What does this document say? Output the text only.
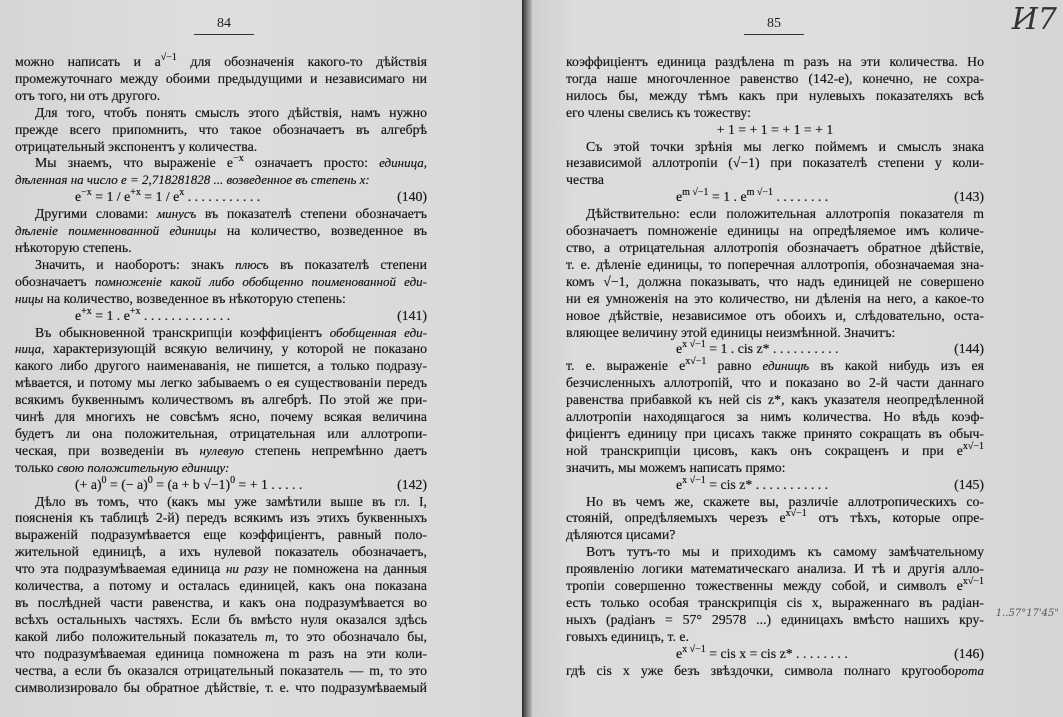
84
можно написать и $a^{√-1}$ для обозначенія какого-то дѣйствія
промежуточнаго между обоими предыдущими и независимаго ни
отъ того, ни отъ другого.
Для того, чтобъ понять смыслъ этого дѣйствія, намъ нужно
прежде всего припомнить, что такое обозначаетъ въ алгебрѣ
отрицательный экспонентъ у количества.
Мы знаемъ, что выраженіе $e^{-x}$ означаетъ просто: единица,
дѣленная на число e = 2,718281828 ... возведенное въ степень x:
$e^{-x} = 1 / e^{+x} = 1 / e^x$ . . . . . . . . . . .	(140)
Другими словами: минусъ въ показателѣ степени обозначаетъ
дѣленіе поименнованной единицы на количество, возведенное въ
нѣкоторую степень.
Значить, и наоборотъ: знакъ плюсъ въ показателѣ степени
обозначаетъ помноженіе какой либо обобщенно поименованной еди-
ницы на количество, возведенное въ нѣкоторую степень:
$e^{+x} = 1$ . $e^{+x}$ . . . . . . . . . . . . .	(141)
Въ обыкновенной транскрипціи коэффиціентъ обобщенная еди-
ница, характеризующій всякую величину, у которой не показано
какого либо другого наименаванія, не пишется, а только подразу-
мѣвается, и потому мы легко забываемъ о ея существованіи передъ
всякимъ буквеннымъ количествомъ въ алгебрѣ. По этой же при-
чинѣ для многихъ не совсѣмъ ясно, почему всякая величина
будетъ ли она положительная, отрицательная или аллотропи-
ческая, при возведеніи въ нулевую степень непремѣнно даетъ
только свою положительную единицу:
(+ a)$^0$ = (− a)$^0$ = (a + b √−1)$^0$ = + 1 . . . . .	(142)
Дѣло въ томъ, что (какъ мы уже замѣтили выше въ гл. I,
поясненія къ таблицѣ 2-й) передъ всякимъ изъ этихъ буквенныхъ
выраженій подразумѣвается еще коэффиціентъ, равный поло-
жительной единицѣ, а ихъ нулевой показатель обозначаетъ,
что эта подразумѣваемая единица ни разу не помножена на данныя
количества, а потому и осталась единицей, какъ она показана
въ послѣдней части равенства, и какъ она подразумѣвается во
всѣхъ остальныхъ частяхъ. Если бъ вмѣсто нуля оказался здѣсь
какой либо положительный показатель m, то это обозначало бы,
что подразумѣваемая единица помножена m разъ на эти коли-
чества, а если бъ оказался отрицательный показатель — m, то это
символизировало бы обратное дѣйствіе, т. е. что подразумѣваемый
85
коэффиціентъ единица раздѣлена m разъ на эти количества. Но
тогда наше многочленное равенство (142-е), конечно, не сохра-
нилось бы, между тѣмъ какъ при нулевыхъ показателяхъ всѣ
его члены свелись къ тожеству:
+ 1 = + 1 = + 1 = + 1
Съ этой точки зрѣнія мы легко поймемъ и смыслъ знака
независимой аллотропіи (√−1) при показателѣ степени у коли-
чества
$e^{m √-1} = 1$ . $e^{m √-1}$ . . . . . . . .	(143)
Дѣйствительно: если положительная аллотропія показателя m
обозначаетъ помноженіе единицы на опредѣляемое имъ количе-
ство, а отрицательная аллотропія обозначаетъ обратное дѣйствіе,
т. е. дѣленіе единицы, то поперечная аллотропія, обозначаемая зна-
комъ √−1, должна показывать, что надъ единицей не совершено
ни ея умноженія на это количество, ни дѣленія на него, а какое-то
новое дѣйствіе, независимое отъ обоихъ и, слѣдовательно, оста-
вляющее величину этой единицы неизмѣнной. Значитъ:
$e^{x √-1} = 1$ . cis z* . . . . . . . . . .	(144)
т. е. выраженіе $e^{x√-1}$ равно единицѣ въ какой нибудь изъ ея
безчисленныхъ аллотропій, что и показано во 2-й части даннаго
равенства прибавкой къ ней cis z*, какъ указателя неопредѣленной
аллотропіи находящагося за нимъ количества. Но вѣдь коэф-
фиціентъ единицу при цисахъ также принято сокращать въ обыч-
ной транскрипціи цисовъ, какъ онъ сокращенъ и при $e^{x√-1}$
значить, мы можемъ написать прямо:
$e^{x √-1}$ = cis z* . . . . . . . . . . .	(145)
Но въ чемъ же, скажете вы, различіе аллотропическихъ со-
стояній, опредѣляемыхъ черезъ $e^{x√-1}$ отъ тѣхъ, которые опре-
дѣляются цисами?
Вотъ тутъ-то мы и приходимъ къ самому замѣчательному
проявленію логики математическаго анализа. И тѣ и другія алло-
тропіи совершенно тожественны между собой, и символъ $e^{x√-1}$
есть только особая транскрипція cis x, выраженнаго въ радіан-
ныхъ (радіанъ = 57° 29578 ...) единицахъ вмѣсто нашихъ кру-
говыхъ единицъ, т. е.
$e^{x √-1}$ = cis x = cis z* . . . . . . . .	(146)
гдѣ cis x уже безъ звѣздочки, символа полнаго кругооборота
И7
1..57°17'45"
